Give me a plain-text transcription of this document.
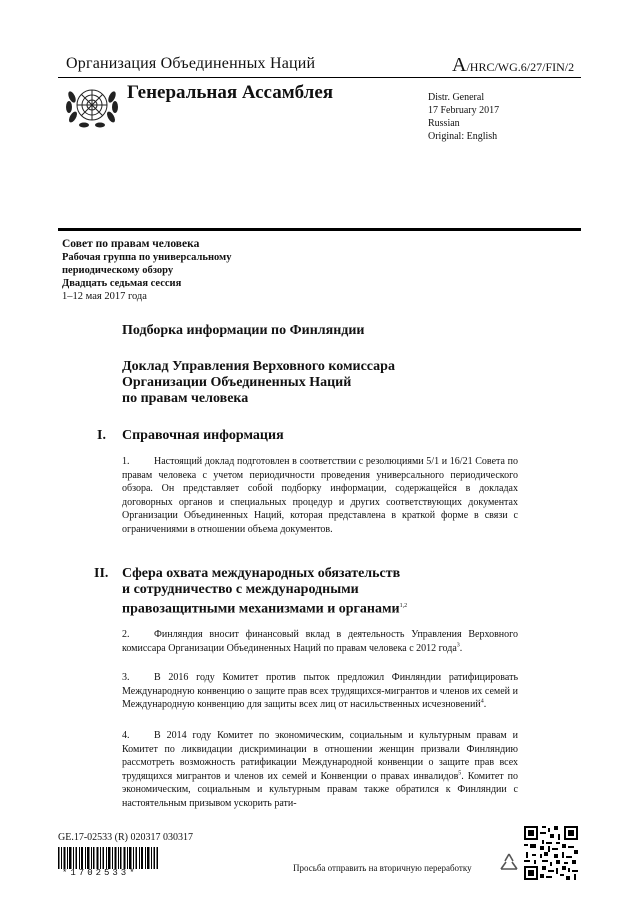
Организация Объединенных Наций	A/HRC/WG.6/27/FIN/2
Генеральная Ассамблея	Distr. General
17 February 2017
Russian
Original: English
Совет по правам человека
Рабочая группа по универсальному
периодическому обзору
Двадцать седьмая сессия
1–12 мая 2017 года
Подборка информации по Финляндии
Доклад Управления Верховного комиссара
Организации Объединенных Наций
по правам человека
I. Справочная информация
1. Настоящий доклад подготовлен в соответствии с резолюциями 5/1 и 16/21 Совета по правам человека с учетом периодичности проведения универсального периодического обзора. Он представляет собой подборку информации, содержащейся в докладах договорных органов и специальных процедур и других соответствующих документах Организации Объединенных Наций, которая представлена в краткой форме в связи с ограничениями в отношении объема документов.
II. Сфера охвата международных обязательств
и сотрудничество с международными
правозащитными механизмами и органами$^{1,2}$
2. Финляндия вносит финансовый вклад в деятельность Управления Верховного комиссара Организации Объединенных Наций по правам человека с 2012 года$^3$.
3. В 2016 году Комитет против пыток предложил Финляндии ратифицировать Международную конвенцию о защите прав всех трудящихся-мигрантов и членов их семей и Международную конвенцию для защиты всех лиц от насильственных исчезновений$^4$.
4. В 2014 году Комитет по экономическим, социальным и культурным правам и Комитет по ликвидации дискриминации в отношении женщин призвали Финляндию рассмотреть возможность ратификации Международной конвенции о защите прав всех трудящихся мигрантов и членов их семей и Конвенции о правах инвалидов$^5$. Комитет по экономическим, социальным и культурным правам также обратился к Финляндии с настоятельным призывом ускорить рати-
GE.17-02533 (R) 020317 030317
*1702533*	Просьба отправить на вторичную переработку
